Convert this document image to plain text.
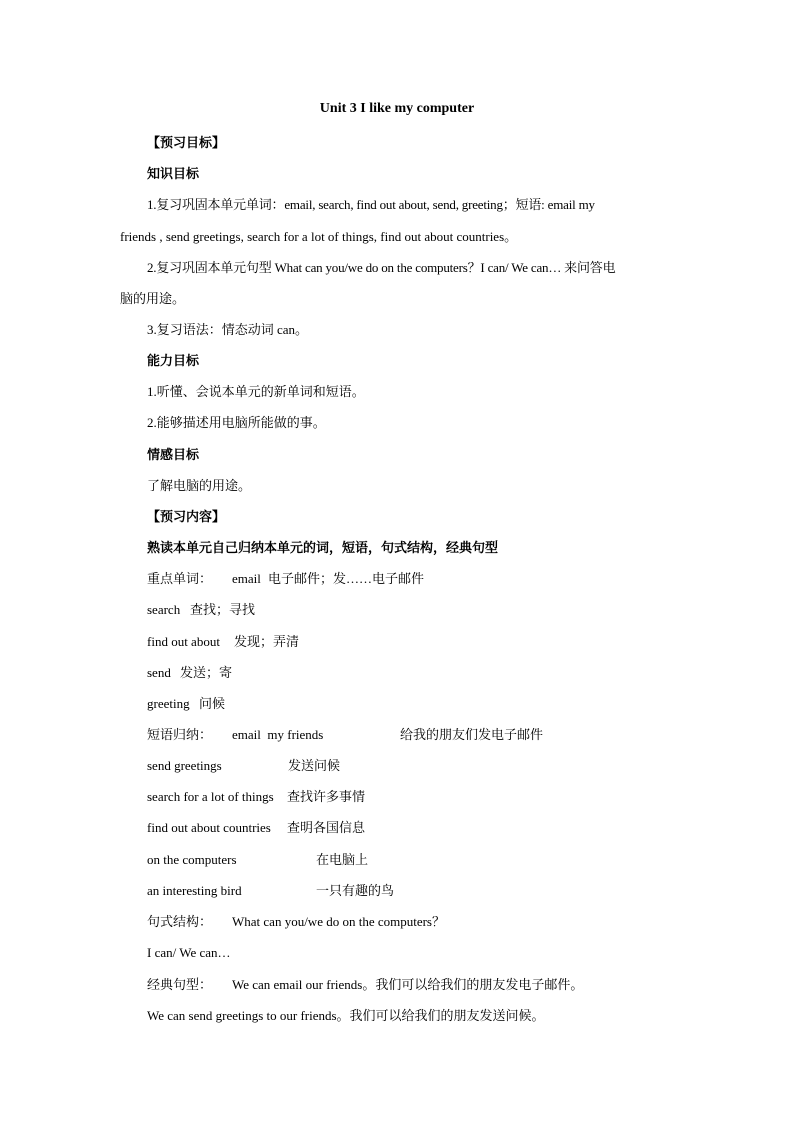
Unit 3 I like my computer
【预习目标】
知识目标
1.复习巩固本单元单词：email, search, find out about, send, greeting；短语: email my
friends , send greetings, search for a lot of things, find out about countries。
2.复习巩固本单元句型 What can you/we do on the computers？I can/ We can… 来问答电
脑的用途。
3.复习语法：情态动词 can。
能力目标
1.听懂、会说本单元的新单词和短语。
2.能够描述用电脑所能做的事。
情感目标
了解电脑的用途。
【预习内容】
熟读本单元自己归纳本单元的词，短语，句式结构，经典句型
重点单词： email 电子邮件；发……电子邮件
search 查找；寻找
find out about 发现；弄清
send 发送；寄
greeting 问候
短语归纳： email  my friends	给我的朋友们发电子邮件
send greetings	发送问候
search for a lot of things 查找许多事情
find out about countries 查明各国信息
on the computers	在电脑上
an interesting bird	一只有趣的鸟
句式结构： What can you/we do on the computers？
I can/ We can…
经典句型： We can email our friends。我们可以给我们的朋友发电子邮件。
We can send greetings to our friends。我们可以给我们的朋友发送问候。
